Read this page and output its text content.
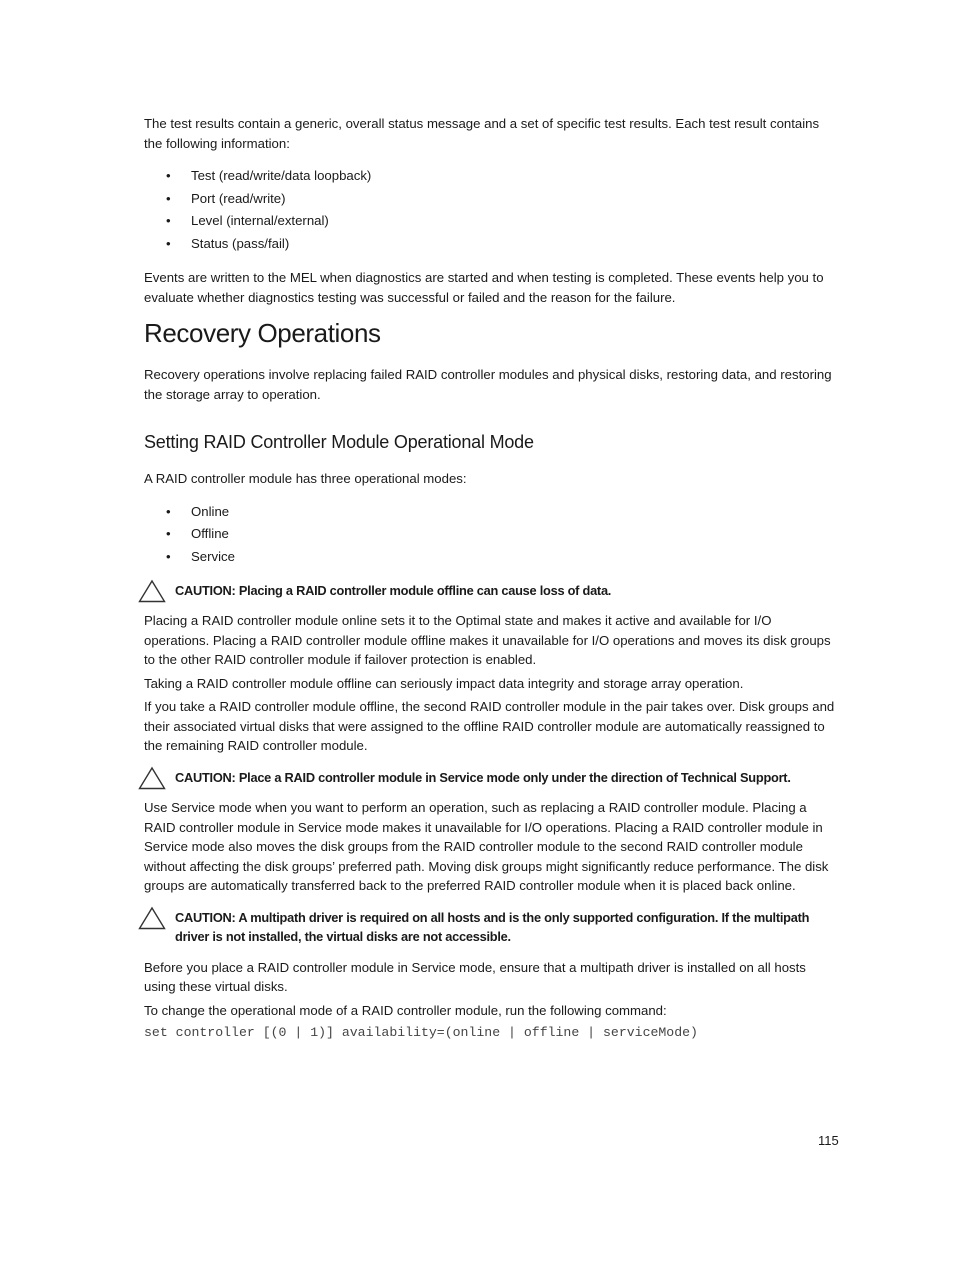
The test results contain a generic, overall status message and a set of specific test results. Each test result contains the following information:

• Test (read/write/data loopback)
• Port (read/write)
• Level (internal/external)
• Status (pass/fail)

Events are written to the MEL when diagnostics are started and when testing is completed. These events help you to evaluate whether diagnostics testing was successful or failed and the reason for the failure.

Recovery Operations

Recovery operations involve replacing failed RAID controller modules and physical disks, restoring data, and restoring the storage array to operation.

Setting RAID Controller Module Operational Mode

A RAID controller module has three operational modes:

• Online
• Offline
• Service

CAUTION: Placing a RAID controller module offline can cause loss of data.

Placing a RAID controller module online sets it to the Optimal state and makes it active and available for I/O operations. Placing a RAID controller module offline makes it unavailable for I/O operations and moves its disk groups to the other RAID controller module if failover protection is enabled.

Taking a RAID controller module offline can seriously impact data integrity and storage array operation.

If you take a RAID controller module offline, the second RAID controller module in the pair takes over. Disk groups and their associated virtual disks that were assigned to the offline RAID controller module are automatically reassigned to the remaining RAID controller module.

CAUTION: Place a RAID controller module in Service mode only under the direction of Technical Support.

Use Service mode when you want to perform an operation, such as replacing a RAID controller module. Placing a RAID controller module in Service mode makes it unavailable for I/O operations. Placing a RAID controller module in Service mode also moves the disk groups from the RAID controller module to the second RAID controller module without affecting the disk groups’ preferred path. Moving disk groups might significantly reduce performance. The disk groups are automatically transferred back to the preferred RAID controller module when it is placed back online.

CAUTION: A multipath driver is required on all hosts and is the only supported configuration. If the multipath driver is not installed, the virtual disks are not accessible.

Before you place a RAID controller module in Service mode, ensure that a multipath driver is installed on all hosts using these virtual disks.

To change the operational mode of a RAID controller module, run the following command:

set controller [(0 | 1)] availability=(online | offline | serviceMode)
115
